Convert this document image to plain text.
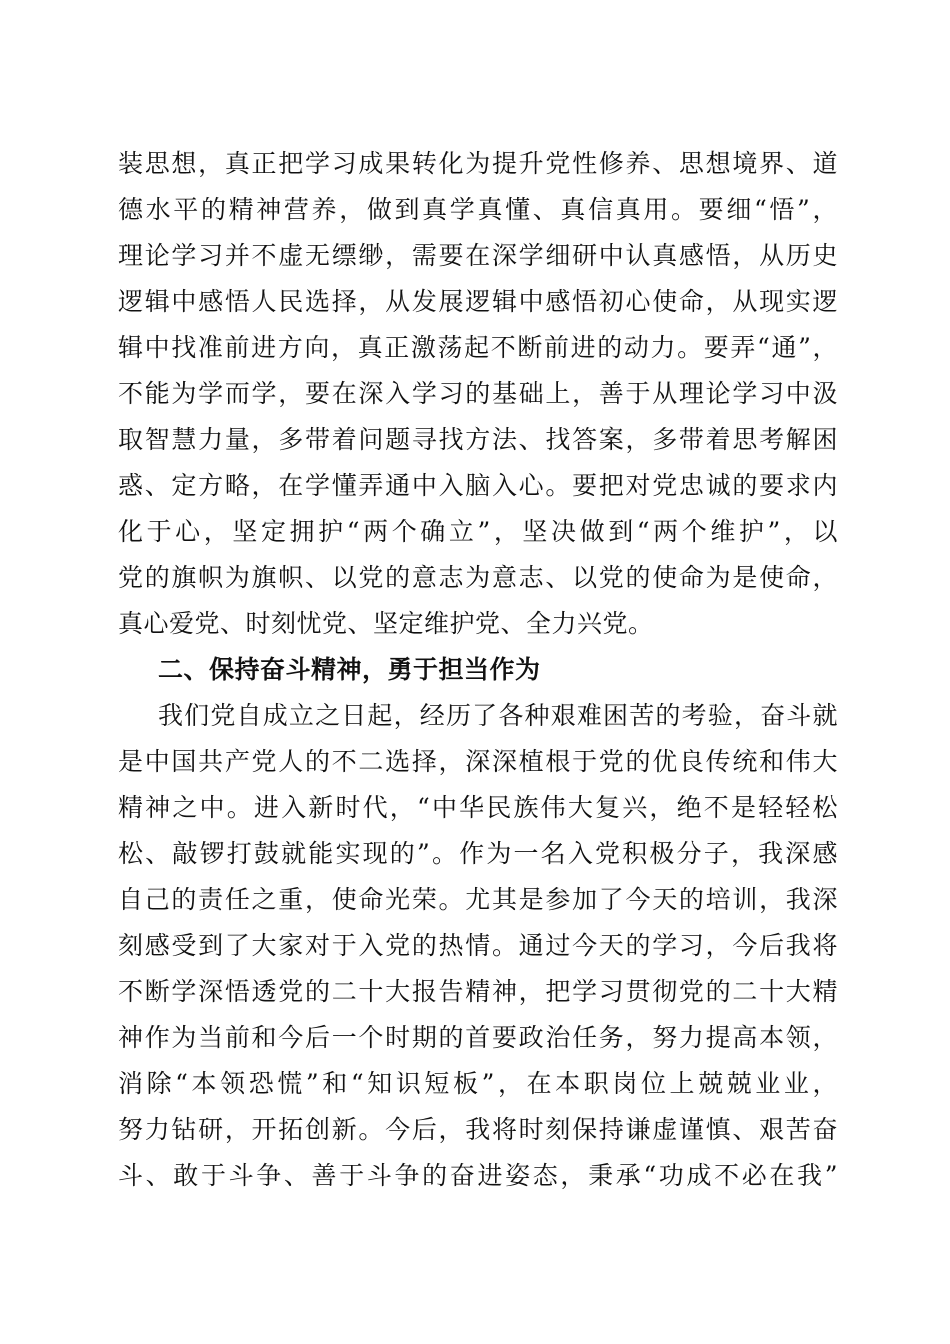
装思想，真正把学习成果转化为提升党性修养、思想境界、道
德水平的精神营养，做到真学真懂、真信真用。要细“悟”，
理论学习并不虚无缥缈，需要在深学细研中认真感悟，从历史
逻辑中感悟人民选择，从发展逻辑中感悟初心使命，从现实逻
辑中找准前进方向，真正激荡起不断前进的动力。要弄“通”，
不能为学而学，要在深入学习的基础上，善于从理论学习中汲
取智慧力量，多带着问题寻找方法、找答案，多带着思考解困
惑、定方略，在学懂弄通中入脑入心。要把对党忠诚的要求内
化于心，坚定拥护“两个确立”，坚决做到“两个维护”，以
党的旗帜为旗帜、以党的意志为意志、以党的使命为是使命，
真心爱党、时刻忧党、坚定维护党、全力兴党。
二、保持奋斗精神，勇于担当作为
我们党自成立之日起，经历了各种艰难困苦的考验，奋斗就
是中国共产党人的不二选择，深深植根于党的优良传统和伟大
精神之中。进入新时代，“中华民族伟大复兴，绝不是轻轻松
松、敲锣打鼓就能实现的”。作为一名入党积极分子，我深感
自己的责任之重，使命光荣。尤其是参加了今天的培训，我深
刻感受到了大家对于入党的热情。通过今天的学习，今后我将
不断学深悟透党的二十大报告精神，把学习贯彻党的二十大精
神作为当前和今后一个时期的首要政治任务，努力提高本领，
消除“本领恐慌”和“知识短板”，在本职岗位上兢兢业业，
努力钻研，开拓创新。今后，我将时刻保持谦虚谨慎、艰苦奋
斗、敢于斗争、善于斗争的奋进姿态，秉承“功成不必在我”
